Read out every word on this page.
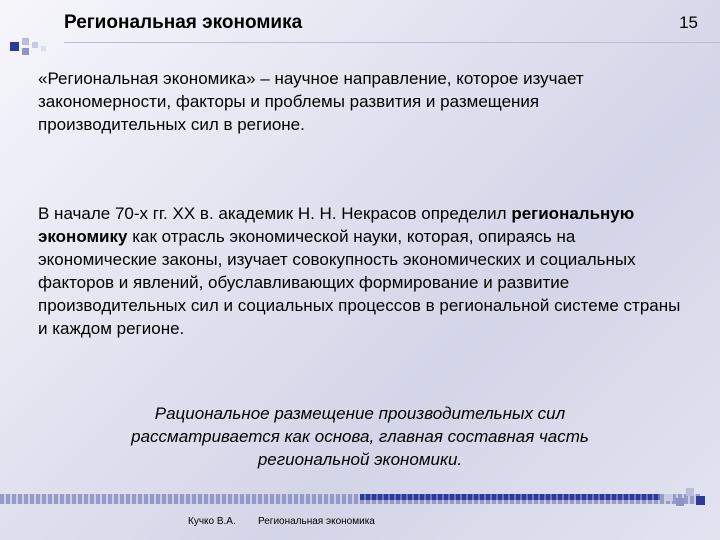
Региональная экономика	15

«Региональная экономика» – научное направление, которое изучает закономерности, факторы и проблемы развития и размещения производительных сил в регионе.

В начале 70-х гг. XX в. академик Н. Н. Некрасов определил региональную экономику как отрасль экономической науки, которая, опираясь на экономические законы, изучает совокупность экономических и социальных факторов и явлений, обуславливающих формирование и развитие производительных сил и социальных процессов в региональной системе страны и каждом регионе.

Рациональное размещение производительных сил
рассматривается как основа, главная составная часть
региональной экономики.

Кучко В.А. Региональная экономика
